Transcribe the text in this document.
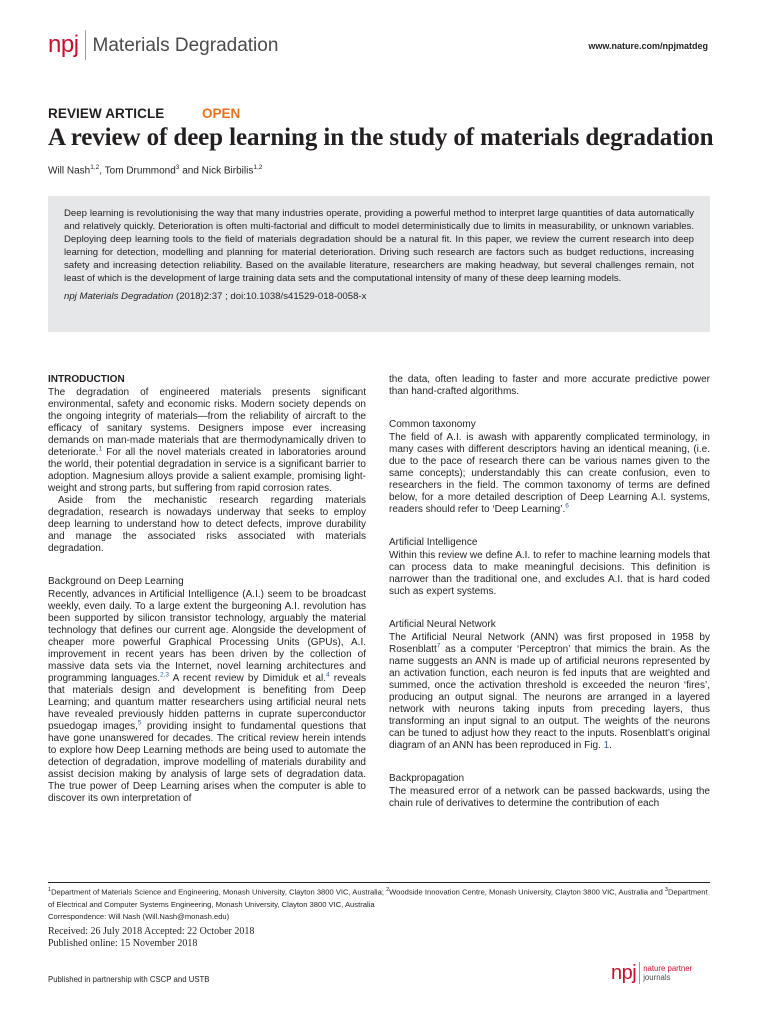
npj Materials Degradation	www.nature.com/npjmatdeg
REVIEW ARTICLE	OPEN
A review of deep learning in the study of materials degradation
Will Nash$^{1,2}$, Tom Drummond$^3$ and Nick Birbilis$^{1,2}$

Deep learning is revolutionising the way that many industries operate, providing a powerful method to interpret large quantities of data automatically and relatively quickly. Deterioration is often multi-factorial and difficult to model deterministically due to limits in measurability, or unknown variables. Deploying deep learning tools to the field of materials degradation should be a natural fit. In this paper, we review the current research into deep learning for detection, modelling and planning for material deterioration. Driving such research are factors such as budget reductions, increasing safety and increasing detection reliability. Based on the available literature, researchers are making headway, but several challenges remain, not least of which is the development of large training data sets and the computational intensity of many of these deep learning models.

npj Materials Degradation (2018)2:37 ; doi:10.1038/s41529-018-0058-x

INTRODUCTION

The degradation of engineered materials presents significant environmental, safety and economic risks. Modern society depends on the ongoing integrity of materials—from the reliability of aircraft to the efficacy of sanitary systems. Designers impose ever increasing demands on man-made materials that are thermodynamically driven to deteriorate.$^1$ For all the novel materials created in laboratories around the world, their potential degradation in service is a significant barrier to adoption. Magnesium alloys provide a salient example, promising light-weight and strong parts, but suffering from rapid corrosion rates.

Aside from the mechanistic research regarding materials degradation, research is nowadays underway that seeks to employ deep learning to understand how to detect defects, improve durability and manage the associated risks associated with materials degradation.

Background on Deep Learning

Recently, advances in Artificial Intelligence (A.I.) seem to be broadcast weekly, even daily. To a large extent the burgeoning A.I. revolution has been supported by silicon transistor technology, arguably the material technology that defines our current age. Alongside the development of cheaper more powerful Graphical Processing Units (GPUs), A.I. improvement in recent years has been driven by the collection of massive data sets via the Internet, novel learning architectures and programming languages.$^{2,3}$ A recent review by Dimiduk et al.$^4$ reveals that materials design and development is benefiting from Deep Learning; and quantum matter researchers using artificial neural nets have revealed previously hidden patterns in cuprate superconductor psuedogap images,$^5$ providing insight to fundamental questions that have gone unanswered for decades. The critical review herein intends to explore how Deep Learning methods are being used to automate the detection of degradation, improve modelling of materials durability and assist decision making by analysis of large sets of degradation data. The true power of Deep Learning arises when the computer is able to discover its own interpretation of

the data, often leading to faster and more accurate predictive power than hand-crafted algorithms.

Common taxonomy

The field of A.I. is awash with apparently complicated terminology, in many cases with different descriptors having an identical meaning, (i.e. due to the pace of research there can be various names given to the same concepts); understandably this can create confusion, even to researchers in the field. The common taxonomy of terms are defined below, for a more detailed description of Deep Learning A.I. systems, readers should refer to ‘Deep Learning’.$^6$

Artificial Intelligence

Within this review we define A.I. to refer to machine learning models that can process data to make meaningful decisions. This definition is narrower than the traditional one, and excludes A.I. that is hard coded such as expert systems.

Artificial Neural Network

The Artificial Neural Network (ANN) was first proposed in 1958 by Rosenblatt$^7$ as a computer ‘Perceptron’ that mimics the brain. As the name suggests an ANN is made up of artificial neurons represented by an activation function, each neuron is fed inputs that are weighted and summed, once the activation threshold is exceeded the neuron ‘fires’, producing an output signal. The neurons are arranged in a layered network with neurons taking inputs from preceding layers, thus transforming an input signal to an output. The weights of the neurons can be tuned to adjust how they react to the inputs. Rosenblatt’s original diagram of an ANN has been reproduced in Fig. 1.

Backpropagation

The measured error of a network can be passed backwards, using the chain rule of derivatives to determine the contribution of each

$^1$Department of Materials Science and Engineering, Monash University, Clayton 3800 VIC, Australia; $^2$Woodside Innovation Centre, Monash University, Clayton 3800 VIC, Australia and $^3$Department of Electrical and Computer Systems Engineering, Monash University, Clayton 3800 VIC, Australia
Correspondence: Will Nash (Will.Nash@monash.edu)
Received: 26 July 2018 Accepted: 22 October 2018
Published online: 15 November 2018
Published in partnership with CSCP and USTB	npj nature partner
journals
